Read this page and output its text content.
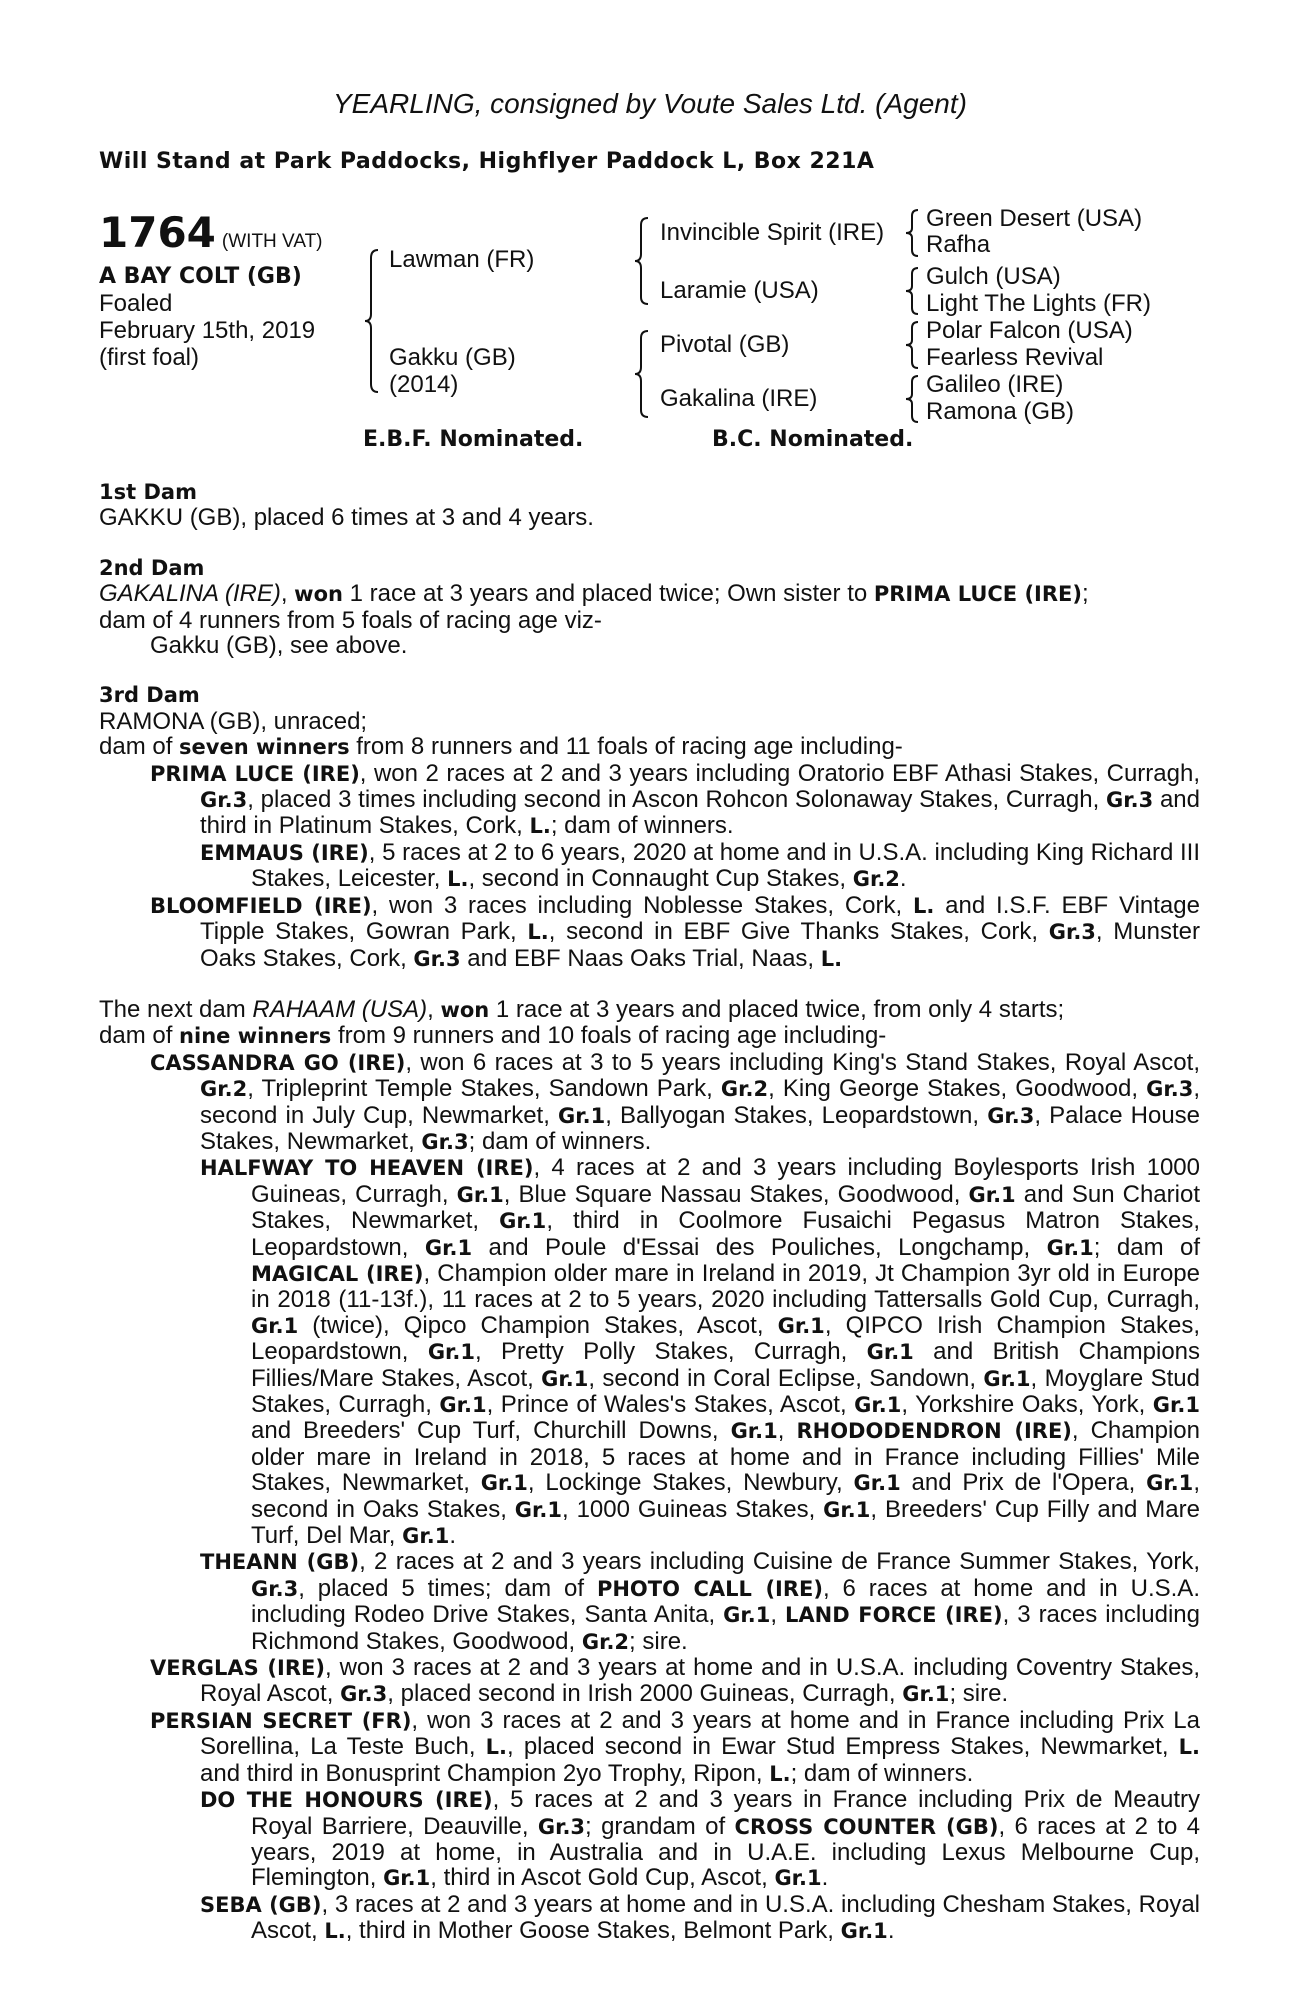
YEARLING, consigned by Voute Sales Ltd. (Agent)
Will Stand at Park Paddocks, Highflyer Paddock L, Box 221A
1764 (WITH VAT)
A BAY COLT (GB)
Foaled
February 15th, 2019
(first foal)
Lawman (FR)
Gakku (GB)
(2014)
Invincible Spirit (IRE)
Laramie (USA)
Pivotal (GB)
Gakalina (IRE)
Green Desert (USA)
Rafha
Gulch (USA)
Light The Lights (FR)
Polar Falcon (USA)
Fearless Revival
Galileo (IRE)
Ramona (GB)
E.B.F. Nominated.	B.C. Nominated.
1st Dam
GAKKU (GB), placed 6 times at 3 and 4 years.
2nd Dam
GAKALINA (IRE), won 1 race at 3 years and placed twice; Own sister to PRIMA LUCE (IRE);
dam of 4 runners from 5 foals of racing age viz-
Gakku (GB), see above.
3rd Dam
RAMONA (GB), unraced;
dam of seven winners from 8 runners and 11 foals of racing age including-
PRIMA LUCE (IRE), won 2 races at 2 and 3 years including Oratorio EBF Athasi Stakes, Curragh, Gr.3, placed 3 times including second in Ascon Rohcon Solonaway Stakes, Curragh, Gr.3 and third in Platinum Stakes, Cork, L.; dam of winners.
EMMAUS (IRE), 5 races at 2 to 6 years, 2020 at home and in U.S.A. including King Richard III Stakes, Leicester, L., second in Connaught Cup Stakes, Gr.2.
BLOOMFIELD (IRE), won 3 races including Noblesse Stakes, Cork, L. and I.S.F. EBF Vintage Tipple Stakes, Gowran Park, L., second in EBF Give Thanks Stakes, Cork, Gr.3, Munster Oaks Stakes, Cork, Gr.3 and EBF Naas Oaks Trial, Naas, L.
The next dam RAHAAM (USA), won 1 race at 3 years and placed twice, from only 4 starts;
dam of nine winners from 9 runners and 10 foals of racing age including-
CASSANDRA GO (IRE), won 6 races at 3 to 5 years including King's Stand Stakes, Royal Ascot, Gr.2, Tripleprint Temple Stakes, Sandown Park, Gr.2, King George Stakes, Goodwood, Gr.3, second in July Cup, Newmarket, Gr.1, Ballyogan Stakes, Leopardstown, Gr.3, Palace House Stakes, Newmarket, Gr.3; dam of winners.
HALFWAY TO HEAVEN (IRE), 4 races at 2 and 3 years including Boylesports Irish 1000 Guineas, Curragh, Gr.1, Blue Square Nassau Stakes, Goodwood, Gr.1 and Sun Chariot Stakes, Newmarket, Gr.1, third in Coolmore Fusaichi Pegasus Matron Stakes, Leopardstown, Gr.1 and Poule d'Essai des Pouliches, Longchamp, Gr.1; dam of MAGICAL (IRE), Champion older mare in Ireland in 2019, Jt Champion 3yr old in Europe in 2018 (11-13f.), 11 races at 2 to 5 years, 2020 including Tattersalls Gold Cup, Curragh, Gr.1 (twice), Qipco Champion Stakes, Ascot, Gr.1, QIPCO Irish Champion Stakes, Leopardstown, Gr.1, Pretty Polly Stakes, Curragh, Gr.1 and British Champions Fillies/Mare Stakes, Ascot, Gr.1, second in Coral Eclipse, Sandown, Gr.1, Moyglare Stud Stakes, Curragh, Gr.1, Prince of Wales's Stakes, Ascot, Gr.1, Yorkshire Oaks, York, Gr.1 and Breeders' Cup Turf, Churchill Downs, Gr.1, RHODODENDRON (IRE), Champion older mare in Ireland in 2018, 5 races at home and in France including Fillies' Mile Stakes, Newmarket, Gr.1, Lockinge Stakes, Newbury, Gr.1 and Prix de l'Opera, Gr.1, second in Oaks Stakes, Gr.1, 1000 Guineas Stakes, Gr.1, Breeders' Cup Filly and Mare Turf, Del Mar, Gr.1.
THEANN (GB), 2 races at 2 and 3 years including Cuisine de France Summer Stakes, York, Gr.3, placed 5 times; dam of PHOTO CALL (IRE), 6 races at home and in U.S.A. including Rodeo Drive Stakes, Santa Anita, Gr.1, LAND FORCE (IRE), 3 races including Richmond Stakes, Goodwood, Gr.2; sire.
VERGLAS (IRE), won 3 races at 2 and 3 years at home and in U.S.A. including Coventry Stakes, Royal Ascot, Gr.3, placed second in Irish 2000 Guineas, Curragh, Gr.1; sire.
PERSIAN SECRET (FR), won 3 races at 2 and 3 years at home and in France including Prix La Sorellina, La Teste Buch, L., placed second in Ewar Stud Empress Stakes, Newmarket, L. and third in Bonusprint Champion 2yo Trophy, Ripon, L.; dam of winners.
DO THE HONOURS (IRE), 5 races at 2 and 3 years in France including Prix de Meautry Royal Barriere, Deauville, Gr.3; grandam of CROSS COUNTER (GB), 6 races at 2 to 4 years, 2019 at home, in Australia and in U.A.E. including Lexus Melbourne Cup, Flemington, Gr.1, third in Ascot Gold Cup, Ascot, Gr.1.
SEBA (GB), 3 races at 2 and 3 years at home and in U.S.A. including Chesham Stakes, Royal Ascot, L., third in Mother Goose Stakes, Belmont Park, Gr.1.
